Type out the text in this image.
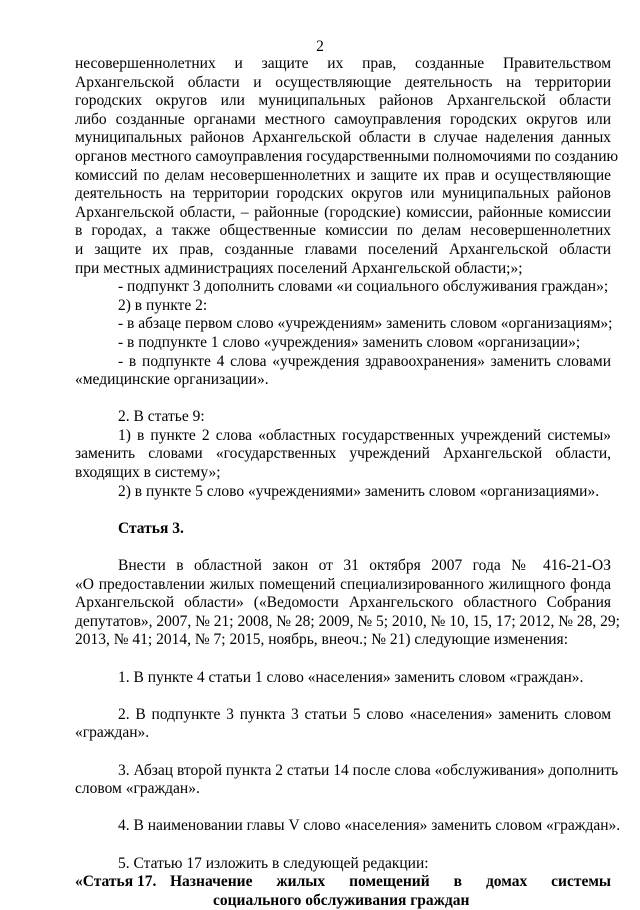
2
несовершеннолетних и защите их прав, созданные Правительством
Архангельской области и осуществляющие деятельность на территории
городских округов или муниципальных районов Архангельской области
либо созданные органами местного самоуправления городских округов или
муниципальных районов Архангельской области в случае наделения данных
органов местного самоуправления государственными полномочиями по созданию
комиссий по делам несовершеннолетних и защите их прав и осуществляющие
деятельность на территории городских округов или муниципальных районов
Архангельской области, – районные (городские) комиссии, районные комиссии
в городах, а также общественные комиссии по делам несовершеннолетних
и защите их прав, созданные главами поселений Архангельской области
при местных администрациях поселений Архангельской области;»;
- подпункт 3 дополнить словами «и социального обслуживания граждан»;
2) в пункте 2:
- в абзаце первом слово «учреждениям» заменить словом «организациям»;
- в подпункте 1 слово «учреждения» заменить словом «организации»;
- в подпункте 4 слова «учреждения здравоохранения» заменить словами
«медицинские организации».
2. В статье 9:
1) в пункте 2 слова «областных государственных учреждений системы»
заменить словами «государственных учреждений Архангельской области,
входящих в систему»;
2) в пункте 5 слово «учреждениями» заменить словом «организациями».
Статья 3.
Внести в областной закон от 31 октября 2007 года № 416-21-ОЗ
«О предоставлении жилых помещений специализированного жилищного фонда
Архангельской области» («Ведомости Архангельского областного Собрания
депутатов», 2007, № 21; 2008, № 28; 2009, № 5; 2010, № 10, 15, 17; 2012, № 28, 29;
2013, № 41; 2014, № 7; 2015, ноябрь, внеоч.; № 21) следующие изменения:
1. В пункте 4 статьи 1 слово «населения» заменить словом «граждан».
2. В подпункте 3 пункта 3 статьи 5 слово «населения» заменить словом
«граждан».
3. Абзац второй пункта 2 статьи 14 после слова «обслуживания» дополнить
словом «граждан».
4. В наименовании главы V слово «населения» заменить словом «граждан».
5. Статью 17 изложить в следующей редакции:
«Статья 17. Назначение жилых помещений в домах системы
социального обслуживания граждан
